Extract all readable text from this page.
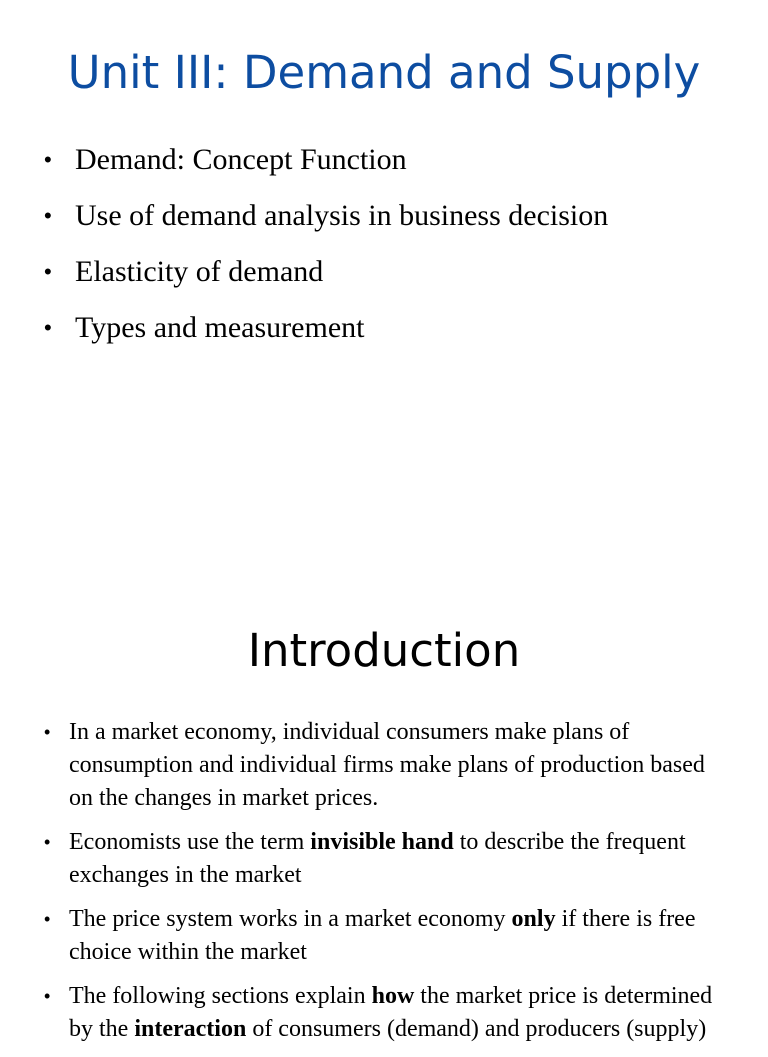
Unit III: Demand and Supply
• Demand: Concept Function
• Use of demand analysis in business decision
• Elasticity of demand
• Types and measurement
Introduction
• In a market economy, individual consumers make plans of consumption and individual firms make plans of production based on the changes in market prices.
• Economists use the term invisible hand to describe the frequent exchanges in the market
• The price system works in a market economy only if there is free choice within the market
• The following sections explain how the market price is determined by the interaction of consumers (demand) and producers (supply)
